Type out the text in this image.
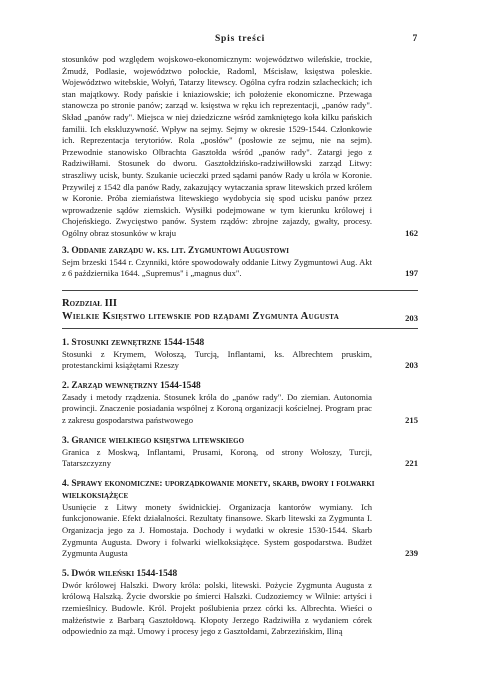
Spis treści	7
stosunków pod względem wojskowo-ekonomicznym: województwo wileńskie, trockie, Żmudź, Podlasie, województwo połockie, Radoml, Mścisław, księstwa poleskie. Województwo witebskie, Wołyń, Tatarzy litewscy. Ogólna cyfra rodzin szlacheckich; ich stan majątkowy. Rody pańskie i kniaziowskie; ich położenie ekonomiczne. Przewaga stanowcza po stronie panów; zarząd w. księstwa w ręku ich reprezentacji, „panów rady". Skład „panów rady". Miejsca w niej dziedziczne wśród zamkniętego koła kilku pańskich familii. Ich ekskluzywność. Wpływ na sejmy. Sejmy w okresie 1529-1544. Członkowie ich. Reprezentacja terytoriów. Rola „posłów" (posłowie ze sejmu, nie na sejm). Przewodnie stanowisko Olbrachta Gasztołda wśród „panów rady". Zatargi jego z Radziwiłłami. Stosunek do dworu. Gasztołdzińsko-radziwiłłowski zarząd Litwy: straszliwy ucisk, bunty. Szukanie ucieczki przed sądami panów Rady u króla w Koronie. Przywilej z 1542 dla panów Rady, zakazujący wytaczania spraw litewskich przed królem w Koronie. Próba ziemiaństwa litewskiego wydobycia się spod ucisku panów przez wprowadzenie sądów ziemskich. Wysiłki podejmowane w tym kierunku królowej i Chojeńskiego. Zwycięstwo panów. System rządów: zbrojne zajazdy, gwałty, procesy. Ogólny obraz stosunków w kraju	162
3. Oddanie zarządu w. ks. lit. Zygmuntowi Augustowi
Sejm brzeski 1544 r. Czynniki, które spowodowały oddanie Litwy Zygmuntowi Aug. Akt z 6 października 1644. „Supremus" i „magnus dux".	197
Rozdział III
Wielkie Księstwo litewskie pod rządami Zygmunta Augusta	203
1. Stosunki zewnętrzne 1544-1548
Stosunki z Krymem, Wołoszą, Turcją, Inflantami, ks. Albrechtem pruskim, protestanckimi książętami Rzeszy	203
2. Zarząd wewnętrzny 1544-1548
Zasady i metody rządzenia. Stosunek króla do „panów rady". Do ziemian. Autonomia prowincji. Znaczenie posiadania wspólnej z Koroną organizacji kościelnej. Program prac z zakresu gospodarstwa państwowego	215
3. Granice wielkiego księstwa litewskiego
Granica z Moskwą, Inflantami, Prusami, Koroną, od strony Wołoszy, Turcji, Tatarszczyzny	221
4. Sprawy ekonomiczne: uporządkowanie monety, skarb, dwory i folwarki wielkoksiążęce
Usunięcie z Litwy monety świdnickiej. Organizacja kantorów wymiany. Ich funkcjonowanie. Efekt działalności. Rezultaty finansowe. Skarb litewski za Zygmunta I. Organizacja jego za J. Homostaja. Dochody i wydatki w okresie 1530-1544. Skarb Zygmunta Augusta. Dwory i folwarki wielkoksiążęce. System gospodarstwa. Budżet Zygmunta Augusta	239
5. Dwór wileński 1544-1548
Dwór królowej Halszki. Dwory króla: polski, litewski. Pożycie Zygmunta Augusta z królową Halszką. Życie dworskie po śmierci Halszki. Cudzoziemcy w Wilnie: artyści i rzemieślnicy. Budowle. Król. Projekt poślubienia przez córki ks. Albrechta. Wieści o małżeństwie z Barbarą Gasztołdową. Kłopoty Jerzego Radziwiłła z wydaniem córek odpowiednio za mąż. Umowy i procesy jego z Gasztołdami, Zabrzezińskim, Iliną
